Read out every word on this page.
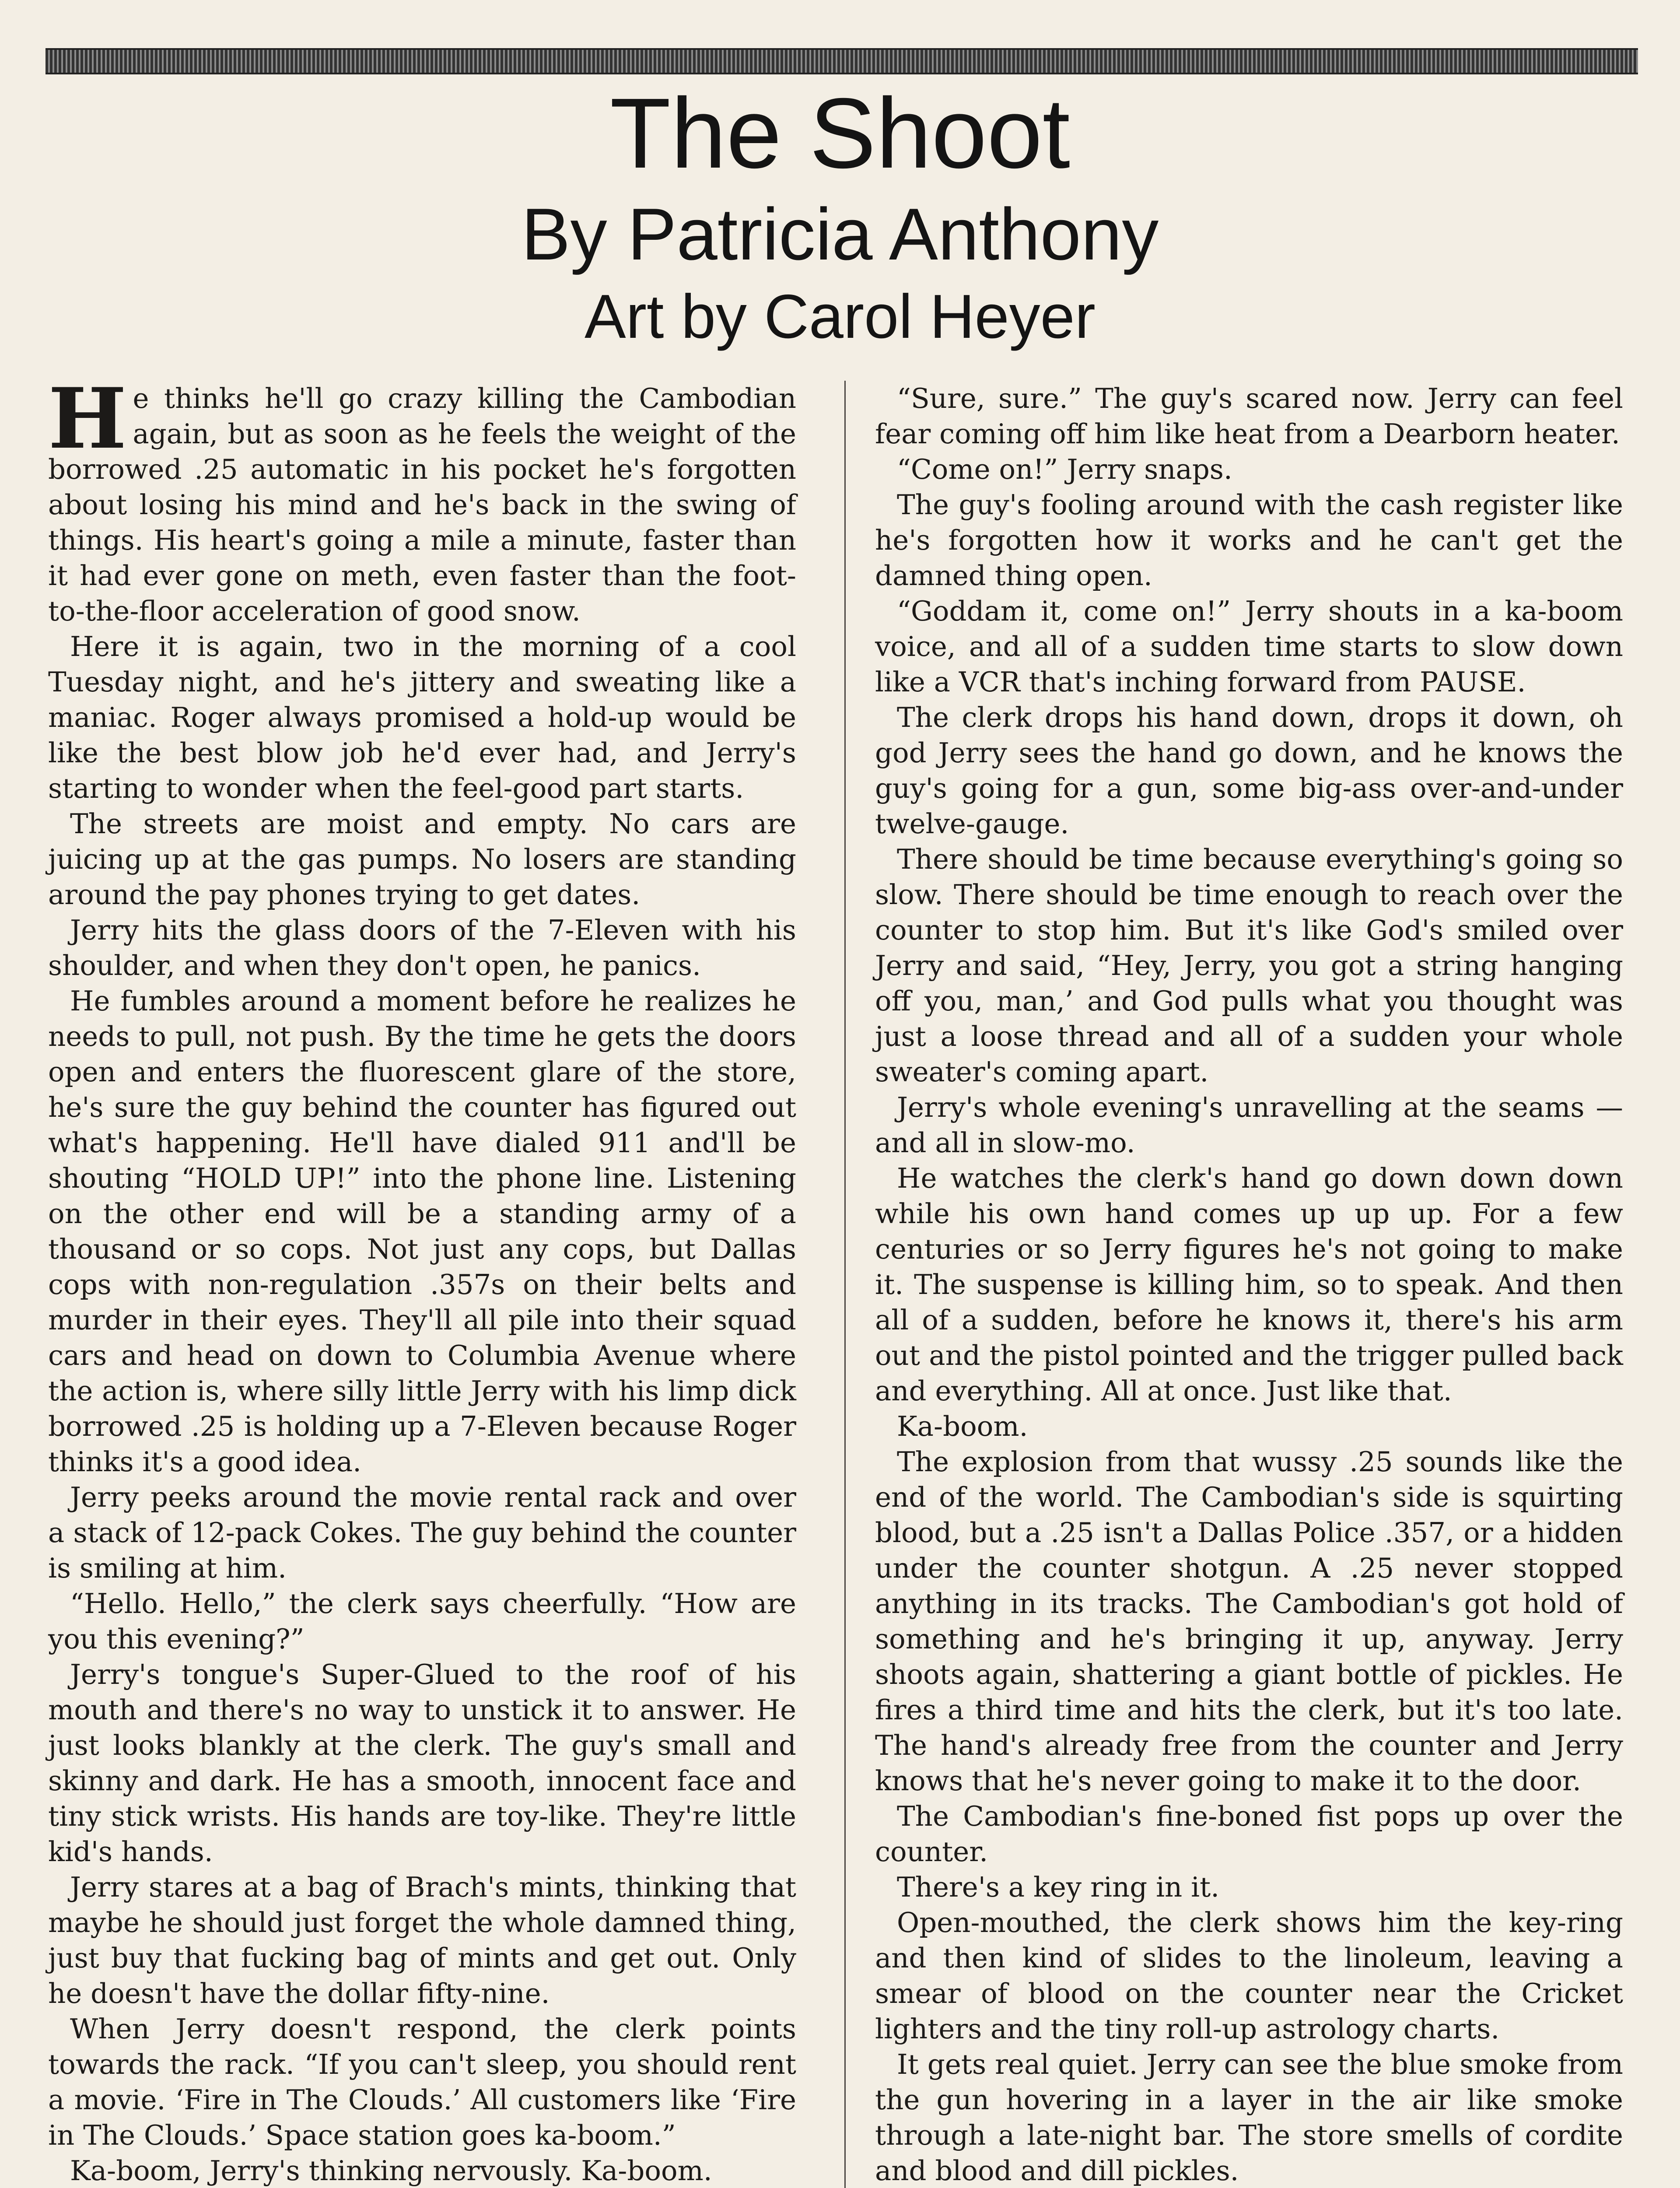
The Shoot
By Patricia Anthony
Art by Carol Heyer

He thinks he'll go crazy killing the Cambodian again, but as soon as he feels the weight of the borrowed .25 automatic in his pocket he's forgotten about losing his mind and he's back in the swing of things. His heart's going a mile a minute, faster than it had ever gone on meth, even faster than the foot-to-the-floor acceleration of good snow.

Here it is again, two in the morning of a cool Tuesday night, and he's jittery and sweating like a maniac. Roger always promised a hold-up would be like the best blow job he'd ever had, and Jerry's starting to wonder when the feel-good part starts.

The streets are moist and empty. No cars are juicing up at the gas pumps. No losers are standing around the pay phones trying to get dates.

Jerry hits the glass doors of the 7-Eleven with his shoulder, and when they don't open, he panics.

He fumbles around a moment before he realizes he needs to pull, not push. By the time he gets the doors open and enters the fluorescent glare of the store, he's sure the guy behind the counter has figured out what's happening. He'll have dialed 911 and'll be shouting “HOLD UP!” into the phone line. Listening on the other end will be a standing army of a thousand or so cops. Not just any cops, but Dallas cops with non-regulation .357s on their belts and murder in their eyes. They'll all pile into their squad cars and head on down to Columbia Avenue where the action is, where silly little Jerry with his limp dick borrowed .25 is holding up a 7-Eleven because Roger thinks it's a good idea.

Jerry peeks around the movie rental rack and over a stack of 12-pack Cokes. The guy behind the counter is smiling at him.

“Hello. Hello,” the clerk says cheerfully. “How are you this evening?”

Jerry's tongue's Super-Glued to the roof of his mouth and there's no way to unstick it to answer. He just looks blankly at the clerk. The guy's small and skinny and dark. He has a smooth, innocent face and tiny stick wrists. His hands are toy-like. They're little kid's hands.

Jerry stares at a bag of Brach's mints, thinking that maybe he should just forget the whole damned thing, just buy that fucking bag of mints and get out. Only he doesn't have the dollar fifty-nine.

When Jerry doesn't respond, the clerk points towards the rack. “If you can't sleep, you should rent a movie. ‘Fire in The Clouds.’ All customers like ‘Fire in The Clouds.’ Space station goes ka-boom.”

Ka-boom, Jerry's thinking nervously. Ka-boom.

“Sure, sure.” The guy's scared now. Jerry can feel fear coming off him like heat from a Dearborn heater.

“Come on!” Jerry snaps.

The guy's fooling around with the cash register like he's forgotten how it works and he can't get the damned thing open.

“Goddam it, come on!” Jerry shouts in a ka-boom voice, and all of a sudden time starts to slow down like a VCR that's inching forward from PAUSE.

The clerk drops his hand down, drops it down, oh god Jerry sees the hand go down, and he knows the guy's going for a gun, some big-ass over-and-under twelve-gauge.

There should be time because everything's going so slow. There should be time enough to reach over the counter to stop him. But it's like God's smiled over Jerry and said, “Hey, Jerry, you got a string hanging off you, man,’ and God pulls what you thought was just a loose thread and all of a sudden your whole sweater's coming apart.

Jerry's whole evening's unravelling at the seams — and all in slow-mo.

He watches the clerk's hand go down down down while his own hand comes up up up. For a few centuries or so Jerry figures he's not going to make it. The suspense is killing him, so to speak. And then all of a sudden, before he knows it, there's his arm out and the pistol pointed and the trigger pulled back and everything. All at once. Just like that.

Ka-boom.

The explosion from that wussy .25 sounds like the end of the world. The Cambodian's side is squirting blood, but a .25 isn't a Dallas Police .357, or a hidden under the counter shotgun. A .25 never stopped anything in its tracks. The Cambodian's got hold of something and he's bringing it up, anyway. Jerry shoots again, shattering a giant bottle of pickles. He fires a third time and hits the clerk, but it's too late. The hand's already free from the counter and Jerry knows that he's never going to make it to the door.

The Cambodian's fine-boned fist pops up over the counter.

There's a key ring in it.

Open-mouthed, the clerk shows him the key-ring and then kind of slides to the linoleum, leaving a smear of blood on the counter near the Cricket lighters and the tiny roll-up astrology charts.

It gets real quiet. Jerry can see the blue smoke from the gun hovering in a layer in the air like smoke through a late-night bar. The store smells of cordite and blood and dill pickles.
